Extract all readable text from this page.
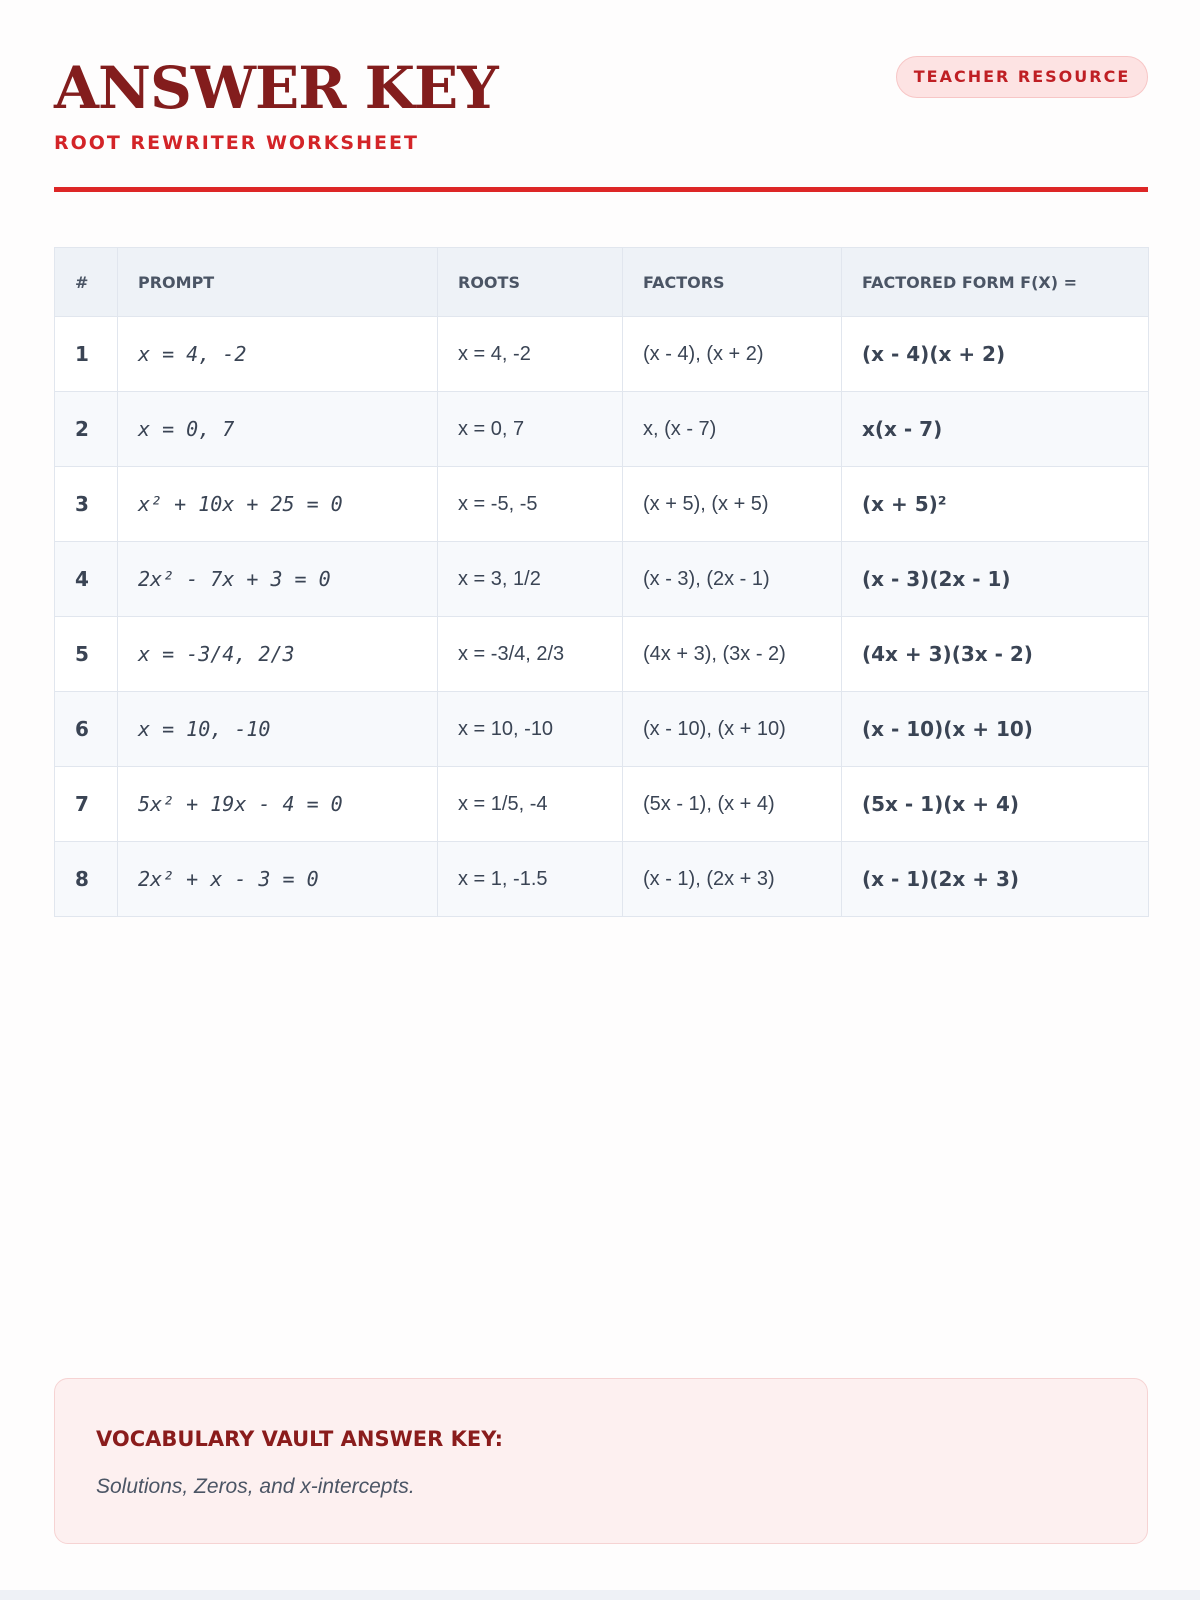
ANSWER KEY
ROOT REWRITER WORKSHEET
TEACHER RESOURCE
#	PROMPT	ROOTS	FACTORS	FACTORED FORM F(X) =
1	x = 4, -2	x = 4, -2	(x - 4), (x + 2)	(x - 4)(x + 2)
2	x = 0, 7	x = 0, 7	x, (x - 7)	x(x - 7)
3	x² + 10x + 25 = 0	x = -5, -5	(x + 5), (x + 5)	(x + 5)²
4	2x² - 7x + 3 = 0	x = 3, 1/2	(x - 3), (2x - 1)	(x - 3)(2x - 1)
5	x = -3/4, 2/3	x = -3/4, 2/3	(4x + 3), (3x - 2)	(4x + 3)(3x - 2)
6	x = 10, -10	x = 10, -10	(x - 10), (x + 10)	(x - 10)(x + 10)
7	5x² + 19x - 4 = 0	x = 1/5, -4	(5x - 1), (x + 4)	(5x - 1)(x + 4)
8	2x² + x - 3 = 0	x = 1, -1.5	(x - 1), (2x + 3)	(x - 1)(2x + 3)
VOCABULARY VAULT ANSWER KEY:
Solutions, Zeros, and x-intercepts.
